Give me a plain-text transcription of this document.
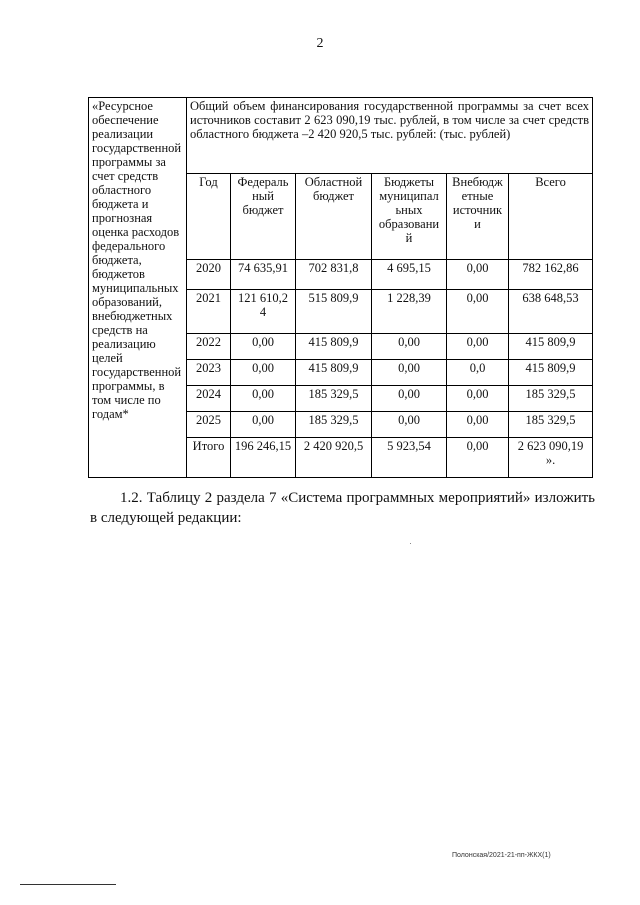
2
«Ресурсное обеспечение реализации государственной программы за счет средств областного бюджета и прогнозная оценка расходов федерального бюджета, бюджетов муниципальных образований, внебюджетных средств на реализацию целей государственной программы, в том числе по годам*	Общий объем финансирования государственной программы за счет всех источников составит 2 623 090,19 тыс. рублей, в том числе за счет средств областного бюджета –2 420 920,5 тыс. рублей: (тыс. рублей)					
	Год	Федераль ный бюджет	Областной бюджет	Бюджеты муниципал ьных образовани й	Внебюдж етные источник и	Всего
	2020	74 635,91	702 831,8	4 695,15	0,00	782 162,86
	2021	121 610,2 4	515 809,9	1 228,39	0,00	638 648,53
	2022	0,00	415 809,9	0,00	0,00	415 809,9
	2023	0,00	415 809,9	0,00	0,0	415 809,9
	2024	0,00	185 329,5	0,00	0,00	185 329,5
	2025	0,00	185 329,5	0,00	0,00	185 329,5
	Итого	196 246,15	2 420 920,5	5 923,54	0,00	2 623 090,19 ».
1.2. Таблицу 2 раздела 7 «Система программных мероприятий» изложить в следующей редакции:
Полонская/2021-21-пп-ЖКХ(1)
